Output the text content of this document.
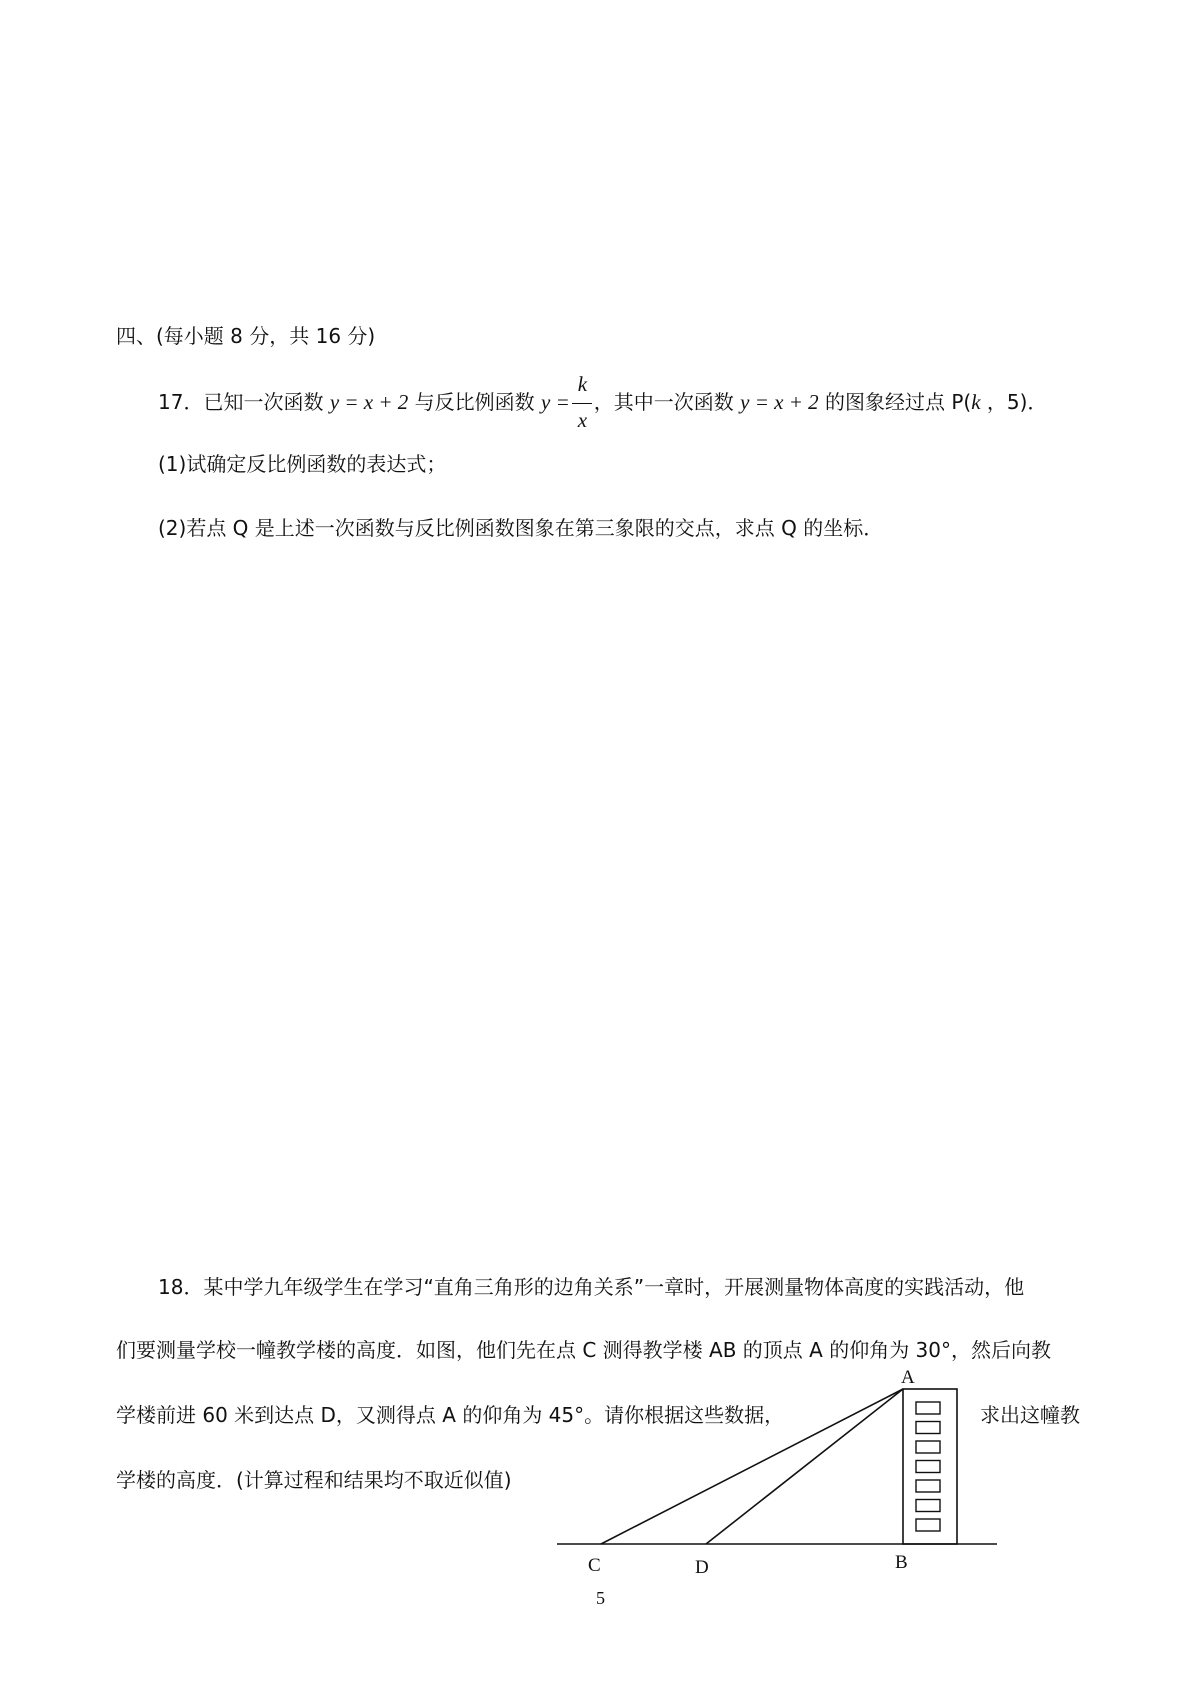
四、(每小题 8 分，共 16 分)
17．已知一次函数 y = x + 2 与反比例函数 $y = \frac{k}{x}$ ，其中一次函数 y = x + 2 的图象经过点 P(k ，5)．
(1)试确定反比例函数的表达式；
(2)若点 Q 是上述一次函数与反比例函数图象在第三象限的交点，求点 Q 的坐标．
18．某中学九年级学生在学习“直角三角形的边角关系”一章时，开展测量物体高度的实践活动，他
们要测量学校一幢教学楼的高度．如图，他们先在点 C 测得教学楼 AB 的顶点 A 的仰角为 30°，然后向教
学楼前进 60 米到达点 D，又测得点 A 的仰角为 45°。请你根据这些数据，	求出这幢教
学楼的高度．(计算过程和结果均不取近似值)
A
B
C	D
5
